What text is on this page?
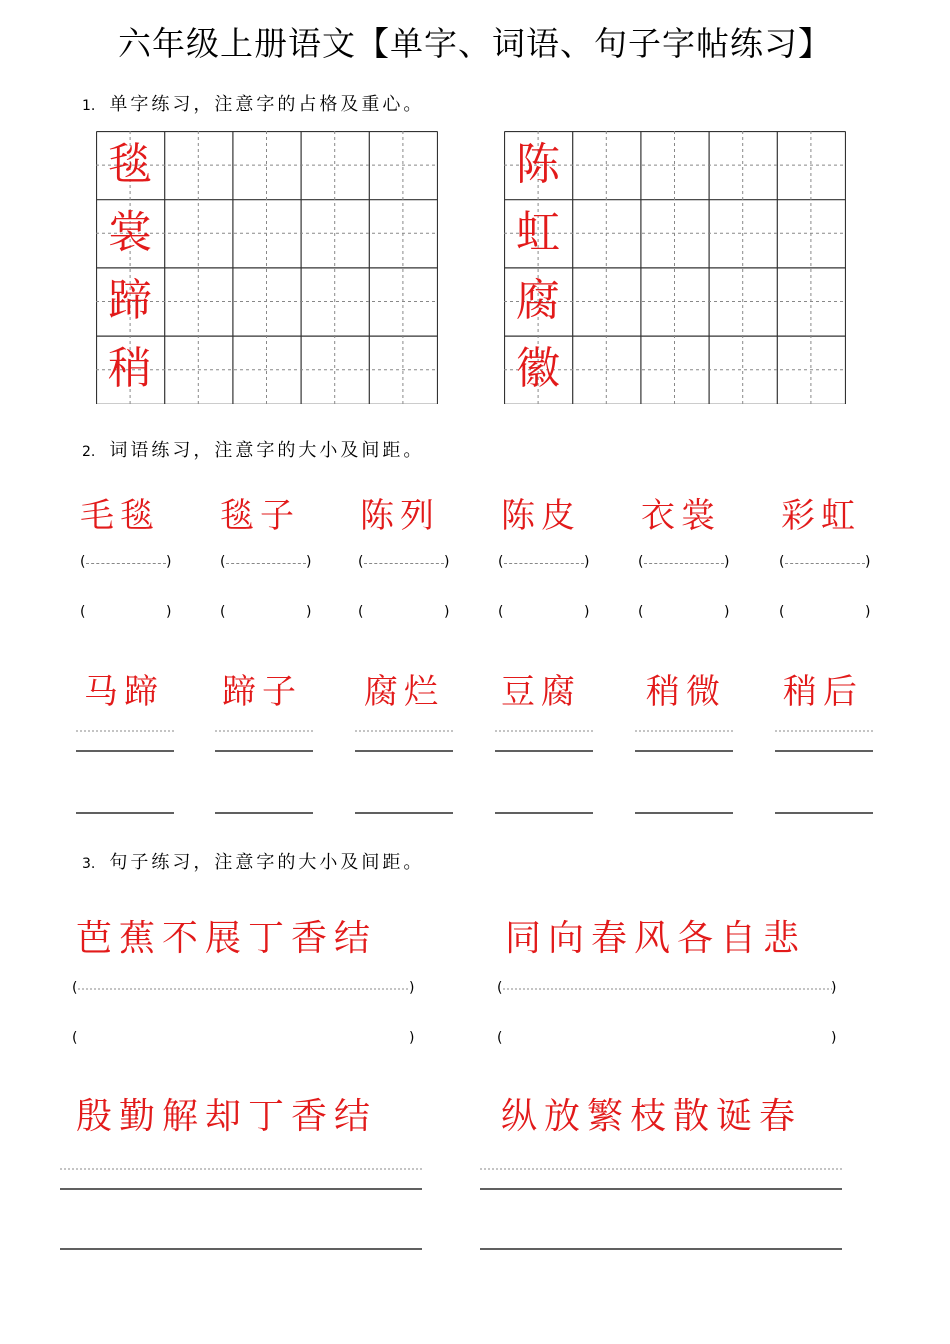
六年级上册语文【单字、词语、句子字帖练习】
1. 单字练习，注意字的占格及重心。
毯
裳
蹄
稍
陈
虹
腐
徽
2. 词语练习，注意字的大小及间距。
毛毯 毯子 陈列 陈皮 衣裳 彩虹
(	)	(	)	(	)	(	)	(	)	(	)
(	)	(	)	(	)	(	)	(	)	(	)
马蹄 蹄子 腐烂 豆腐 稍微 稍后
3. 句子练习，注意字的大小及间距。
芭蕉不展丁香结	同向春风各自悲
(	)	(	)
(	)	(	)
殷勤解却丁香结	纵放繁枝散诞春
